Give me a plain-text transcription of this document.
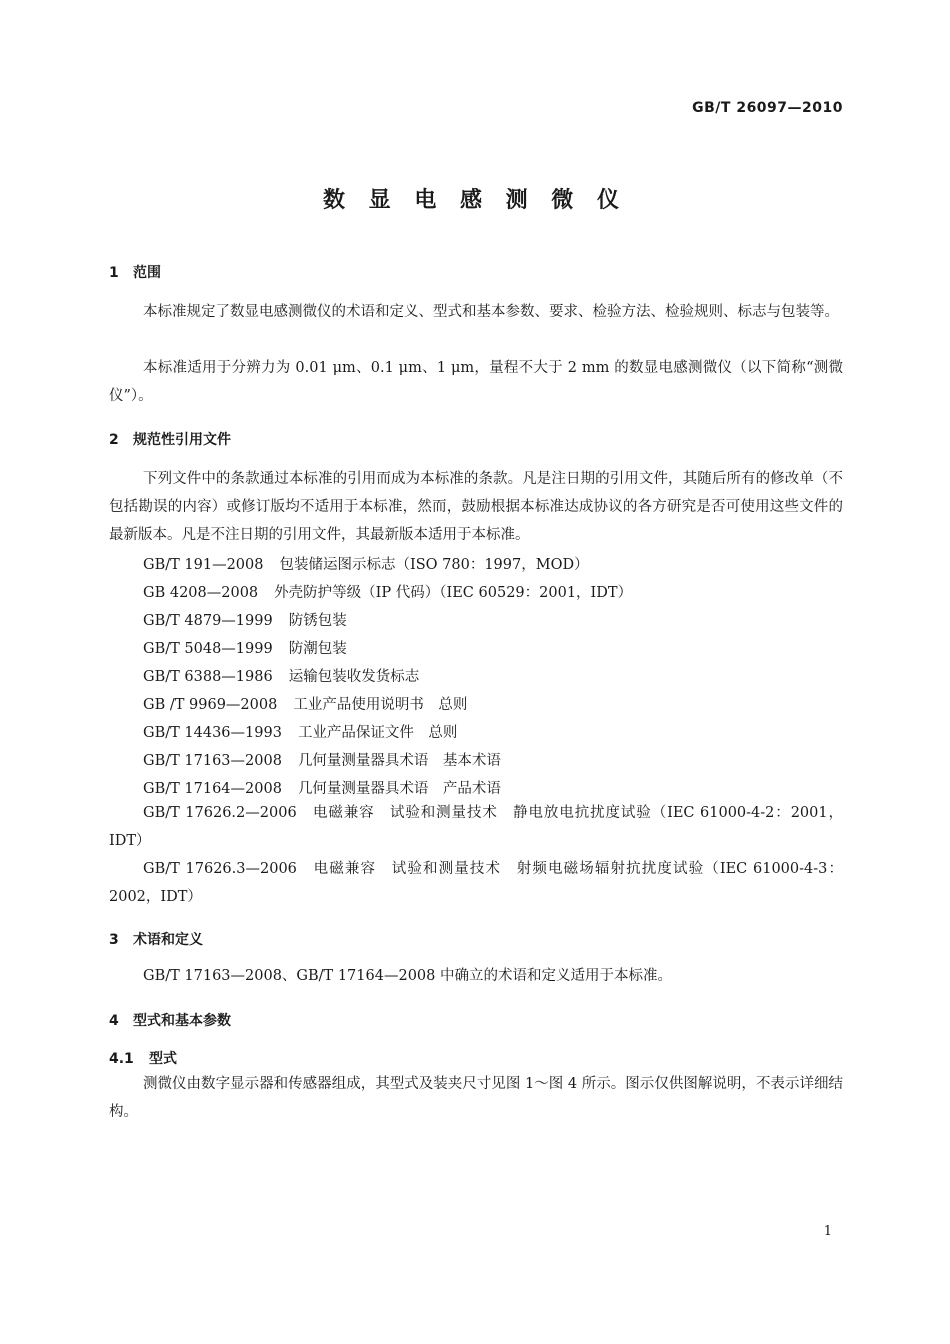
GB/T 26097—2010
数 显 电 感 测 微 仪
1 范围
本标准规定了数显电感测微仪的术语和定义、型式和基本参数、要求、检验方法、检验规则、标志与包装等。
本标准适用于分辨力为 0.01 μm、0.1 μm、1 μm，量程不大于 2 mm 的数显电感测微仪（以下简称“测微仪”）。
2 规范性引用文件
下列文件中的条款通过本标准的引用而成为本标准的条款。凡是注日期的引用文件，其随后所有的修改单（不包括勘误的内容）或修订版均不适用于本标准，然而，鼓励根据本标准达成协议的各方研究是否可使用这些文件的最新版本。凡是不注日期的引用文件，其最新版本适用于本标准。
GB/T 191—2008 包装储运图示标志（ISO 780：1997，MOD）
GB 4208—2008 外壳防护等级（IP 代码）（IEC 60529：2001，IDT）
GB/T 4879—1999 防锈包装
GB/T 5048—1999 防潮包装
GB/T 6388—1986 运输包装收发货标志
GB /T 9969—2008 工业产品使用说明书　总则
GB/T 14436—1993 工业产品保证文件　总则
GB/T 17163—2008 几何量测量器具术语　基本术语
GB/T 17164—2008 几何量测量器具术语　产品术语
GB/T 17626.2—2006　 电磁兼容　试验和测量技术　静电放电抗扰度试验（IEC 61000-4-2：2001，IDT）
GB/T 17626.3—2006　 电磁兼容　试验和测量技术　射频电磁场辐射抗扰度试验（IEC 61000-4-3：2002，IDT）
3 术语和定义
GB/T 17163—2008、GB/T 17164—2008 中确立的术语和定义适用于本标准。
4 型式和基本参数
4.1 型式
测微仪由数字显示器和传感器组成，其型式及装夹尺寸见图 1～图 4 所示。图示仅供图解说明，不表示详细结构。
1
